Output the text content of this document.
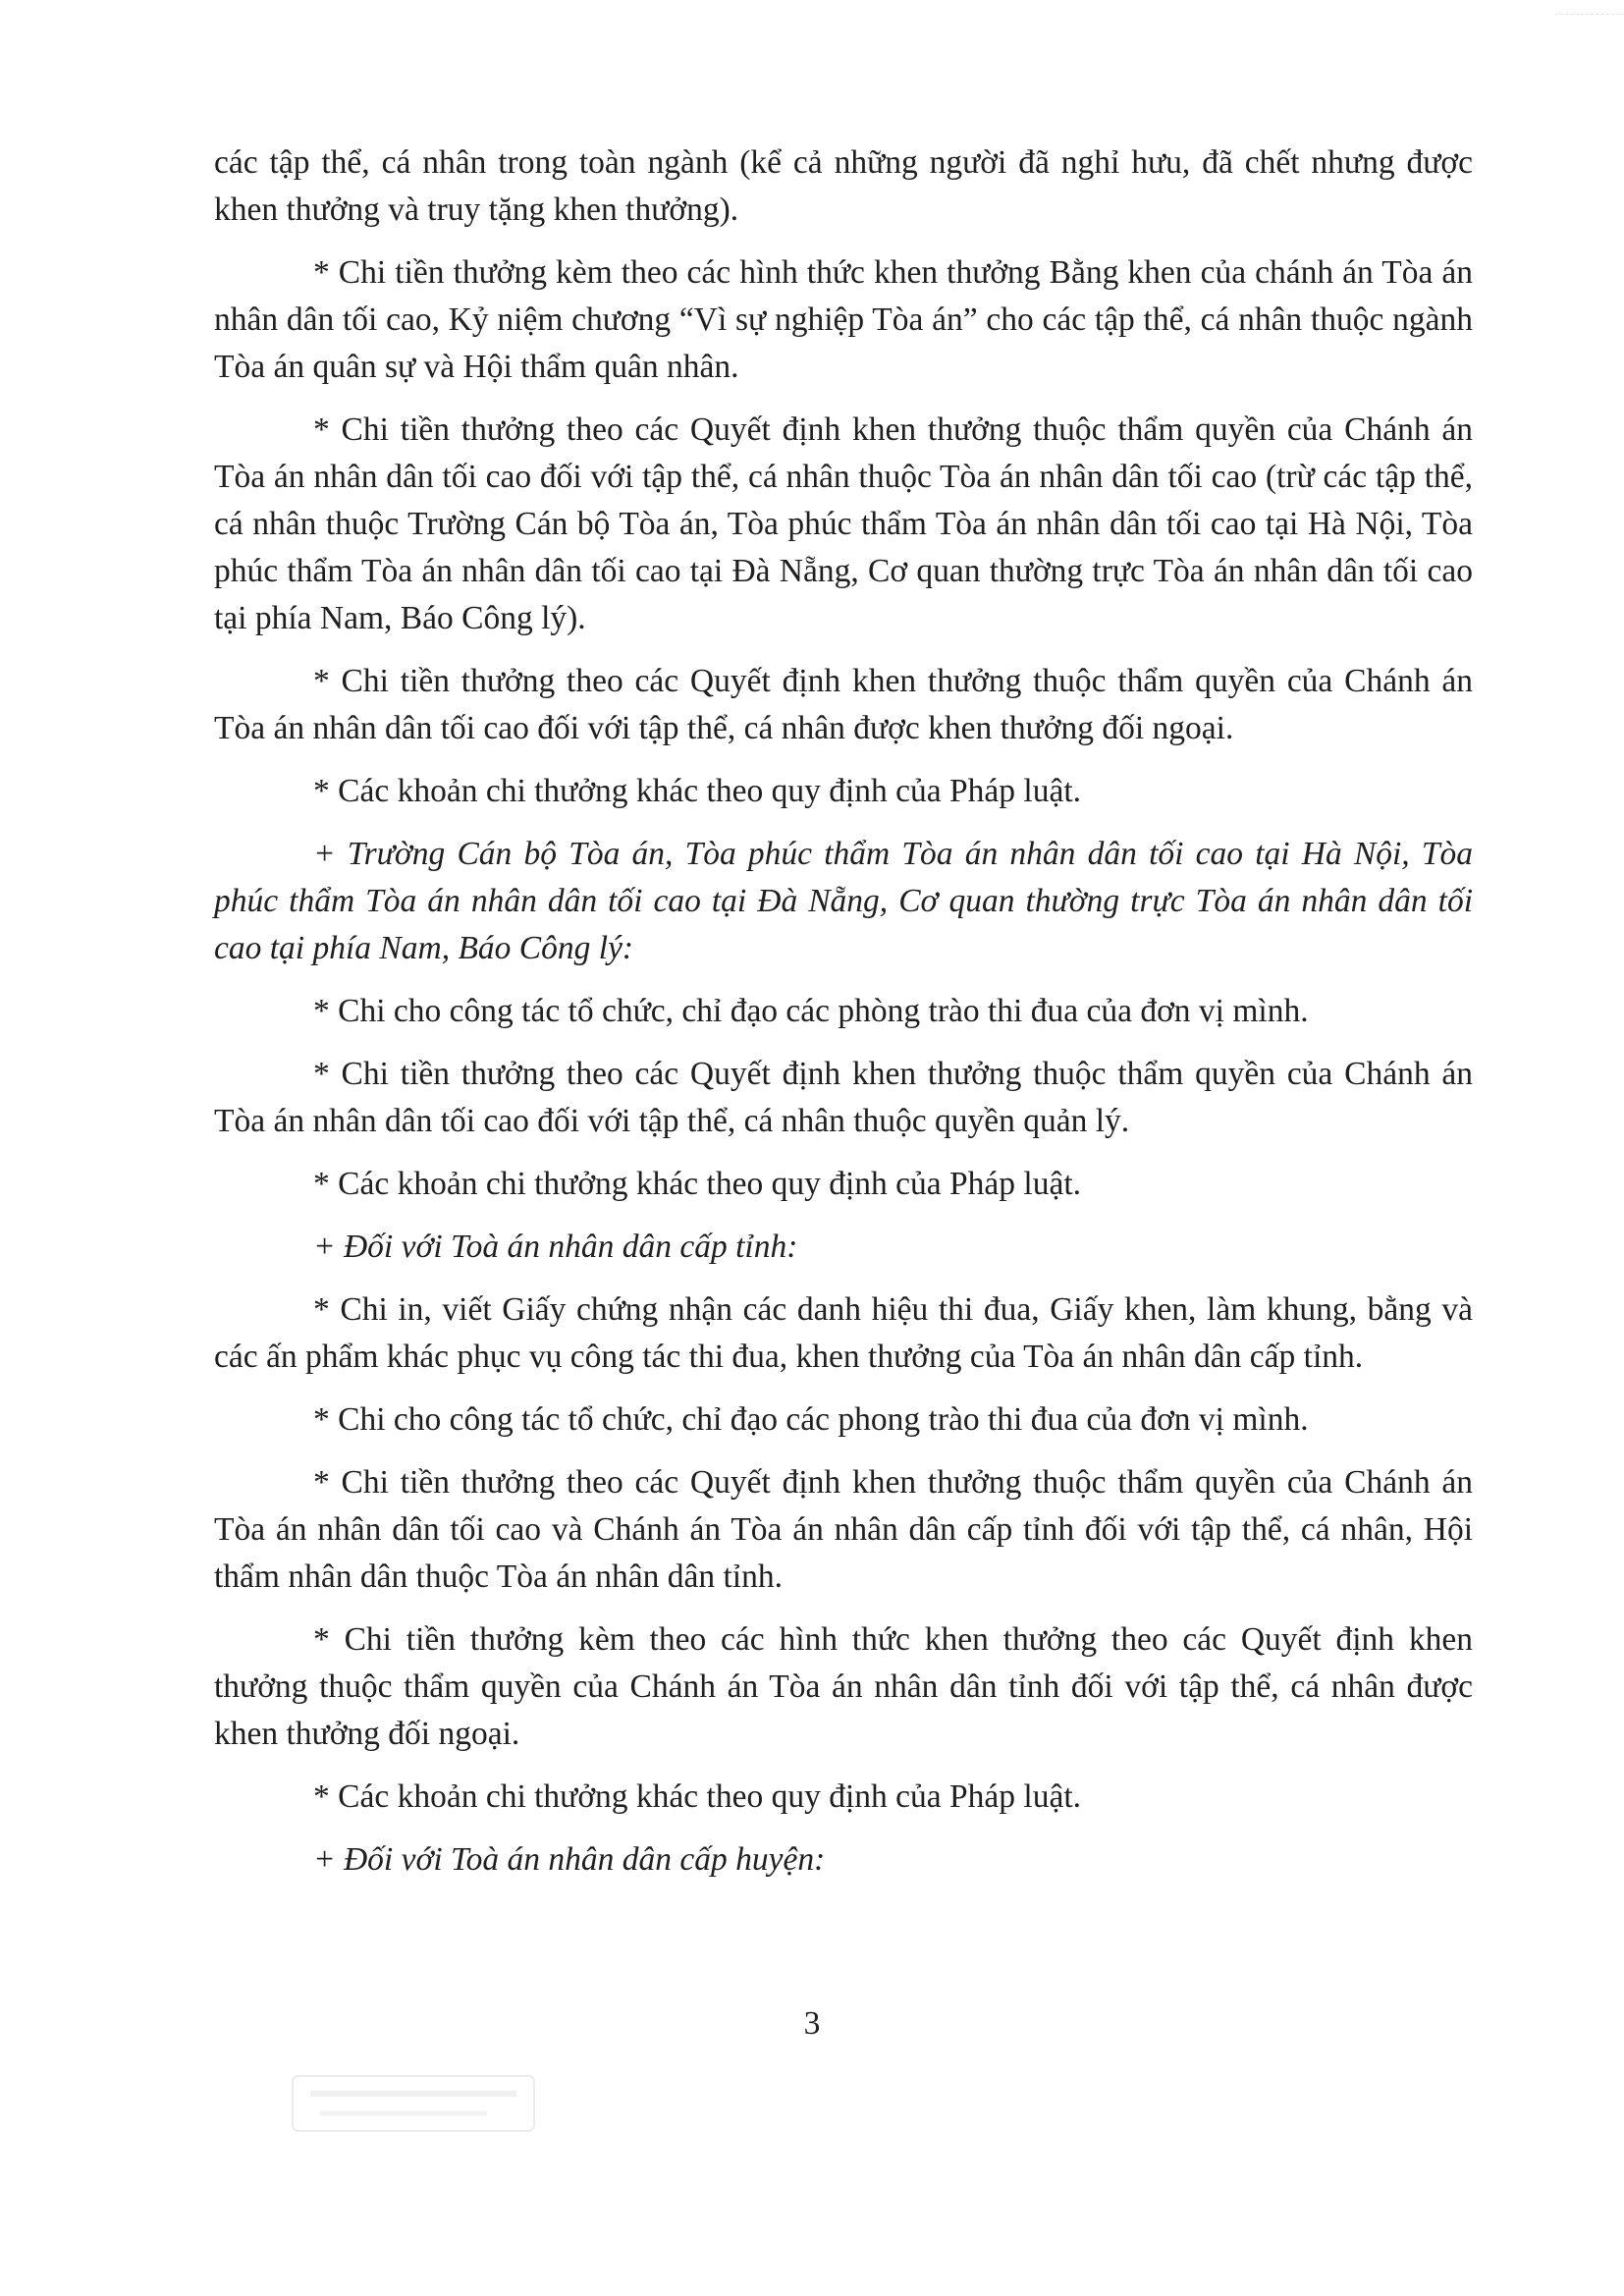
các tập thể, cá nhân trong toàn ngành (kể cả những người đã nghỉ hưu, đã chết nhưng được khen thưởng và truy tặng khen thưởng).

* Chi tiền thưởng kèm theo các hình thức khen thưởng Bằng khen của chánh án Tòa án nhân dân tối cao, Kỷ niệm chương “Vì sự nghiệp Tòa án” cho các tập thể, cá nhân thuộc ngành Tòa án quân sự và Hội thẩm quân nhân.

* Chi tiền thưởng theo các Quyết định khen thưởng thuộc thẩm quyền của Chánh án Tòa án nhân dân tối cao đối với tập thể, cá nhân thuộc Tòa án nhân dân tối cao (trừ các tập thể, cá nhân thuộc Trường Cán bộ Tòa án, Tòa phúc thẩm Tòa án nhân dân tối cao tại Hà Nội, Tòa phúc thẩm Tòa án nhân dân tối cao tại Đà Nẵng, Cơ quan thường trực Tòa án nhân dân tối cao tại phía Nam, Báo Công lý).

* Chi tiền thưởng theo các Quyết định khen thưởng thuộc thẩm quyền của Chánh án Tòa án nhân dân tối cao đối với tập thể, cá nhân được khen thưởng đối ngoại.

* Các khoản chi thưởng khác theo quy định của Pháp luật.

+ Trường Cán bộ Tòa án, Tòa phúc thẩm Tòa án nhân dân tối cao tại Hà Nội, Tòa phúc thẩm Tòa án nhân dân tối cao tại Đà Nẵng, Cơ quan thường trực Tòa án nhân dân tối cao tại phía Nam, Báo Công lý:

* Chi cho công tác tổ chức, chỉ đạo các phòng trào thi đua của đơn vị mình.

* Chi tiền thưởng theo các Quyết định khen thưởng thuộc thẩm quyền của Chánh án Tòa án nhân dân tối cao đối với tập thể, cá nhân thuộc quyền quản lý.

* Các khoản chi thưởng khác theo quy định của Pháp luật.

+ Đối với Toà án nhân dân cấp tỉnh:

* Chi in, viết Giấy chứng nhận các danh hiệu thi đua, Giấy khen, làm khung, bằng và các ấn phẩm khác phục vụ công tác thi đua, khen thưởng của Tòa án nhân dân cấp tỉnh.

* Chi cho công tác tổ chức, chỉ đạo các phong trào thi đua của đơn vị mình.

* Chi tiền thưởng theo các Quyết định khen thưởng thuộc thẩm quyền của Chánh án Tòa án nhân dân tối cao và Chánh án Tòa án nhân dân cấp tỉnh đối với tập thể, cá nhân, Hội thẩm nhân dân thuộc Tòa án nhân dân tỉnh.

* Chi tiền thưởng kèm theo các hình thức khen thưởng theo các Quyết định khen thưởng thuộc thẩm quyền của Chánh án Tòa án nhân dân tỉnh đối với tập thể, cá nhân được khen thưởng đối ngoại.

* Các khoản chi thưởng khác theo quy định của Pháp luật.

+ Đối với Toà án nhân dân cấp huyện:

3
